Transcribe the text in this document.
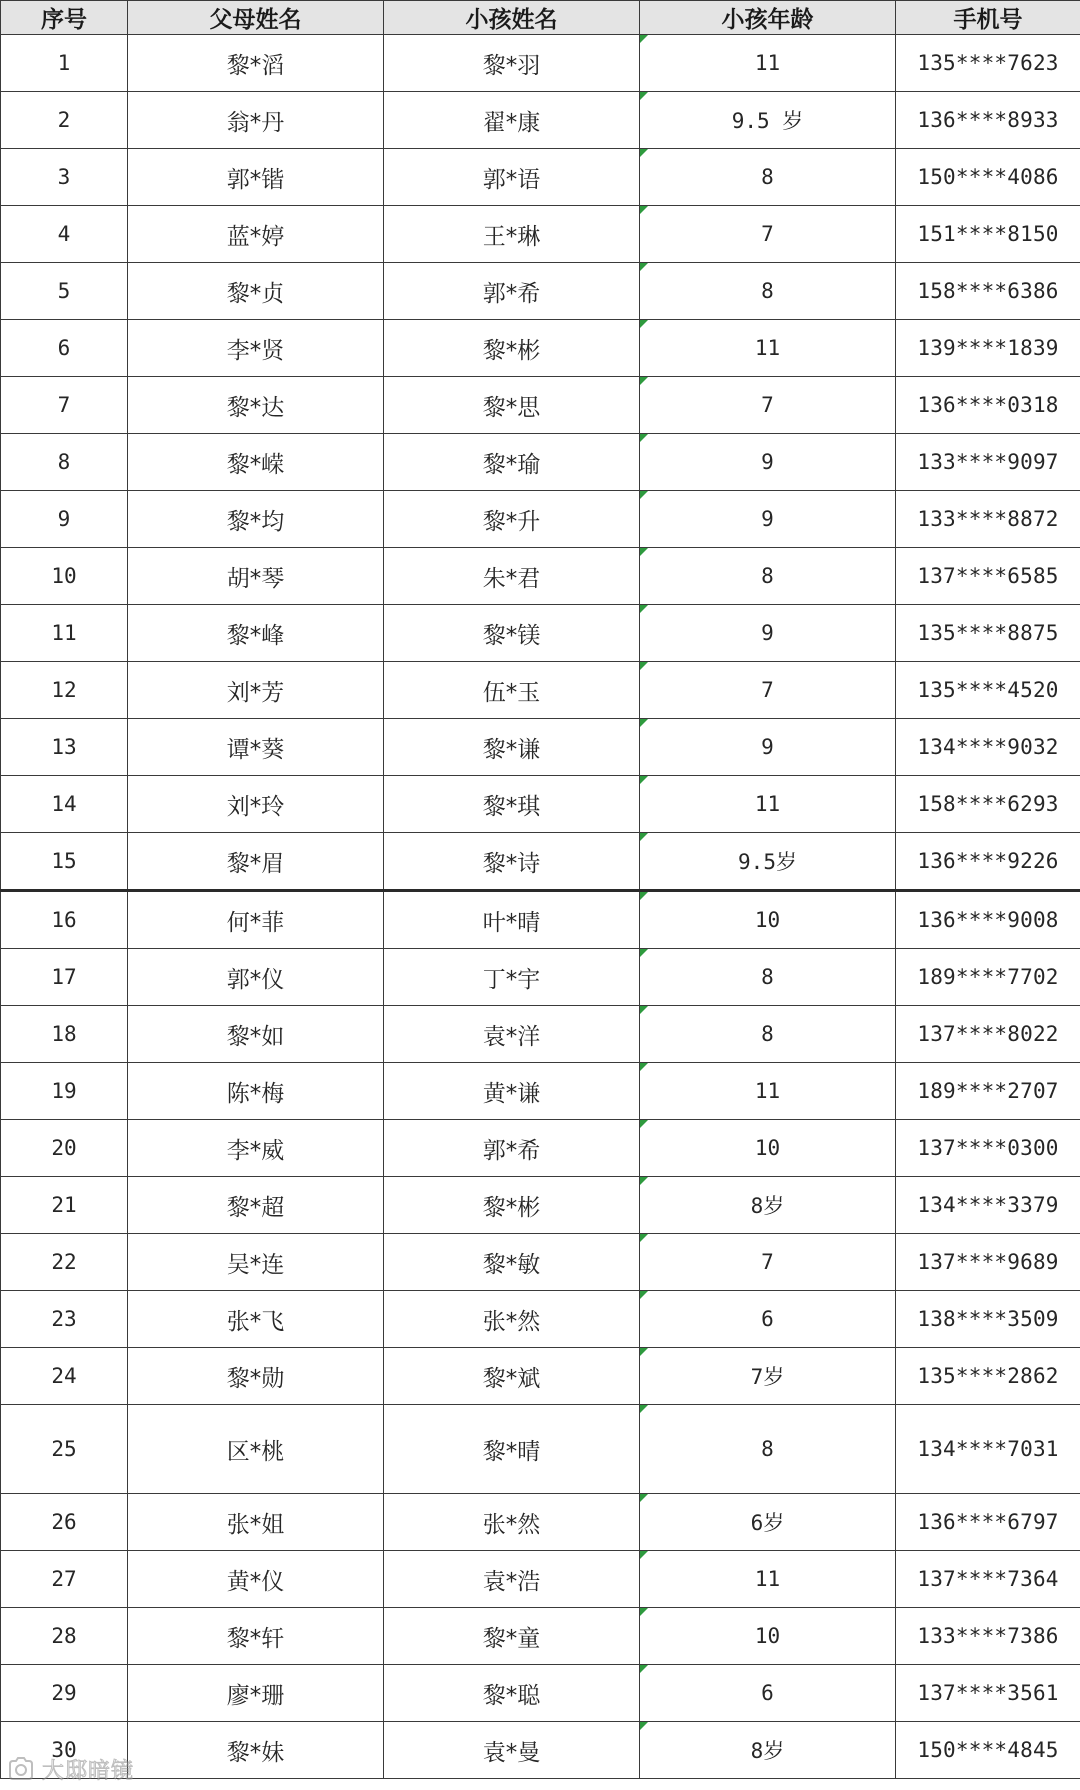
序号	父母姓名	小孩姓名	小孩年龄	手机号
1	黎*滔	黎*羽	11	135****7623
2	翁*丹	翟*康	9.5 岁	136****8933
3	郭*锴	郭*语	8	150****4086
4	蓝*婷	王*琳	7	151****8150
5	黎*贞	郭*希	8	158****6386
6	李*贤	黎*彬	11	139****1839
7	黎*达	黎*思	7	136****0318
8	黎*嵘	黎*瑜	9	133****9097
9	黎*均	黎*升	9	133****8872
10	胡*琴	朱*君	8	137****6585
11	黎*峰	黎*镁	9	135****8875
12	刘*芳	伍*玉	7	135****4520
13	谭*葵	黎*谦	9	134****9032
14	刘*玲	黎*琪	11	158****6293
15	黎*眉	黎*诗	9.5岁	136****9226
16	何*菲	叶*晴	10	136****9008
17	郭*仪	丁*宇	8	189****7702
18	黎*如	袁*洋	8	137****8022
19	陈*梅	黄*谦	11	189****2707
20	李*威	郭*希	10	137****0300
21	黎*超	黎*彬	8岁	134****3379
22	吴*连	黎*敏	7	137****9689
23	张*飞	张*然	6	138****3509
24	黎*勋	黎*斌	7岁	135****2862
25	区*桃	黎*晴	8	134****7031
26	张*姐	张*然	6岁	136****6797
27	黄*仪	袁*浩	11	137****7364
28	黎*轩	黎*童	10	133****7386
29	廖*珊	黎*聪	6	137****3561
30	黎*妹	袁*曼	8岁	150****4845
大邸暗镜
